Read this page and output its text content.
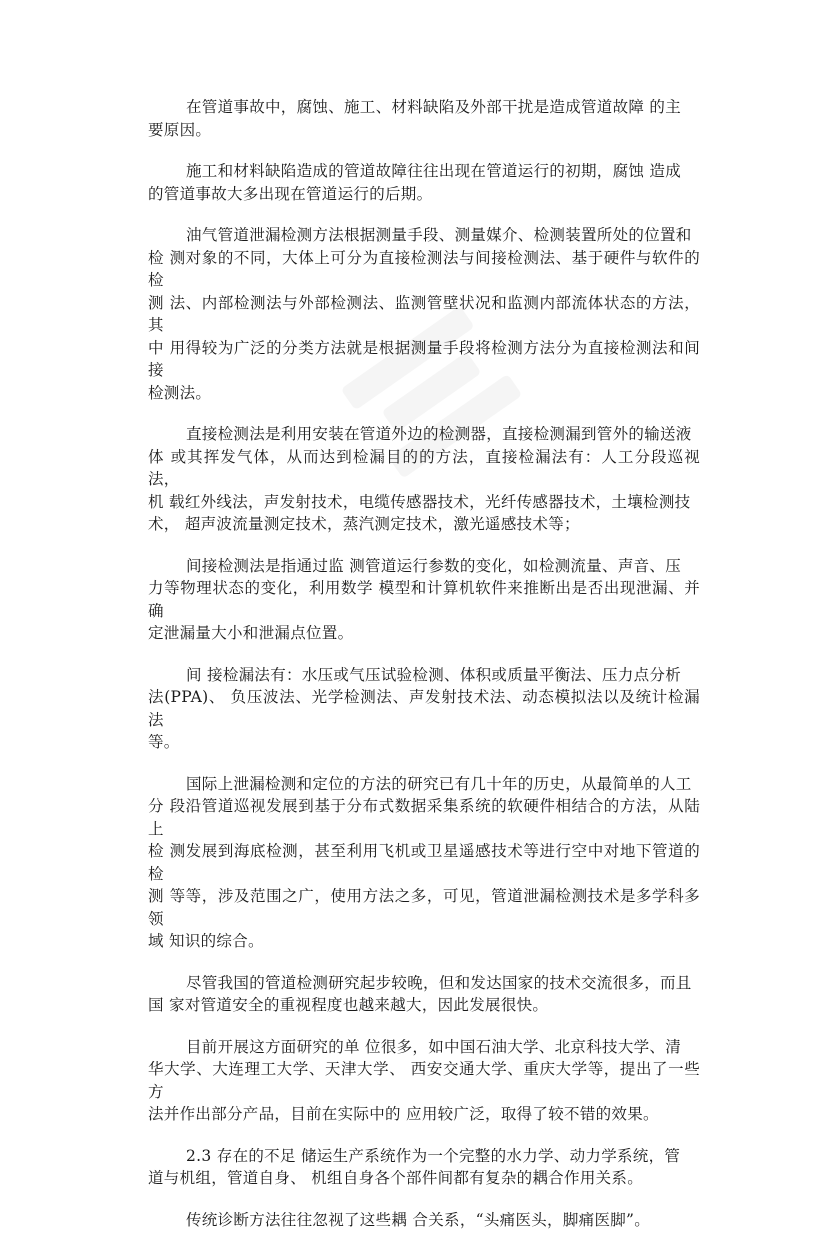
在管道事故中，腐蚀、施工、材料缺陷及外部干扰是造成管道故障 的主
要原因。

施工和材料缺陷造成的管道故障往往出现在管道运行的初期，腐蚀 造成
的管道事故大多出现在管道运行的后期。

油气管道泄漏检测方法根据测量手段、测量媒介、检测装置所处的位置和
检 测对象的不同，大体上可分为直接检测法与间接检测法、基于硬件与软件的检
测 法、内部检测法与外部检测法、监测管壁状况和监测内部流体状态的方法，其
中 用得较为广泛的分类方法就是根据测量手段将检测方法分为直接检测法和间接
检测法。

直接检测法是利用安装在管道外边的检测器，直接检测漏到管外的输送液
体 或其挥发气体，从而达到检漏目的的方法，直接检漏法有：人工分段巡视法，
机 载红外线法，声发射技术，电缆传感器技术，光纤传感器技术，土壤检测技
术， 超声波流量测定技术，蒸汽测定技术，激光遥感技术等；

间接检测法是指通过监 测管道运行参数的变化，如检测流量、声音、压
力等物理状态的变化，利用数学 模型和计算机软件来推断出是否出现泄漏、并确
定泄漏量大小和泄漏点位置。

间 接检漏法有：水压或气压试验检测、体积或质量平衡法、压力点分析
法(PPA)、 负压波法、光学检测法、声发射技术法、动态模拟法以及统计检漏法
等。

国际上泄漏检测和定位的方法的研究已有几十年的历史，从最简单的人工
分 段沿管道巡视发展到基于分布式数据采集系统的软硬件相结合的方法，从陆上
检 测发展到海底检测，甚至利用飞机或卫星遥感技术等进行空中对地下管道的检
测 等等，涉及范围之广，使用方法之多，可见，管道泄漏检测技术是多学科多领
域 知识的综合。

尽管我国的管道检测研究起步较晚，但和发达国家的技术交流很多，而且
国 家对管道安全的重视程度也越来越大，因此发展很快。

目前开展这方面研究的单 位很多，如中国石油大学、北京科技大学、清
华大学、大连理工大学、天津大学、 西安交通大学、重庆大学等，提出了一些方
法并作出部分产品，目前在实际中的 应用较广泛，取得了较不错的效果。

2.3 存在的不足 储运生产系统作为一个完整的水力学、动力学系统，管
道与机组，管道自身、 机组自身各个部件间都有复杂的耦合作用关系。

传统诊断方法往往忽视了这些耦 合关系，“头痛医头，脚痛医脚”。
